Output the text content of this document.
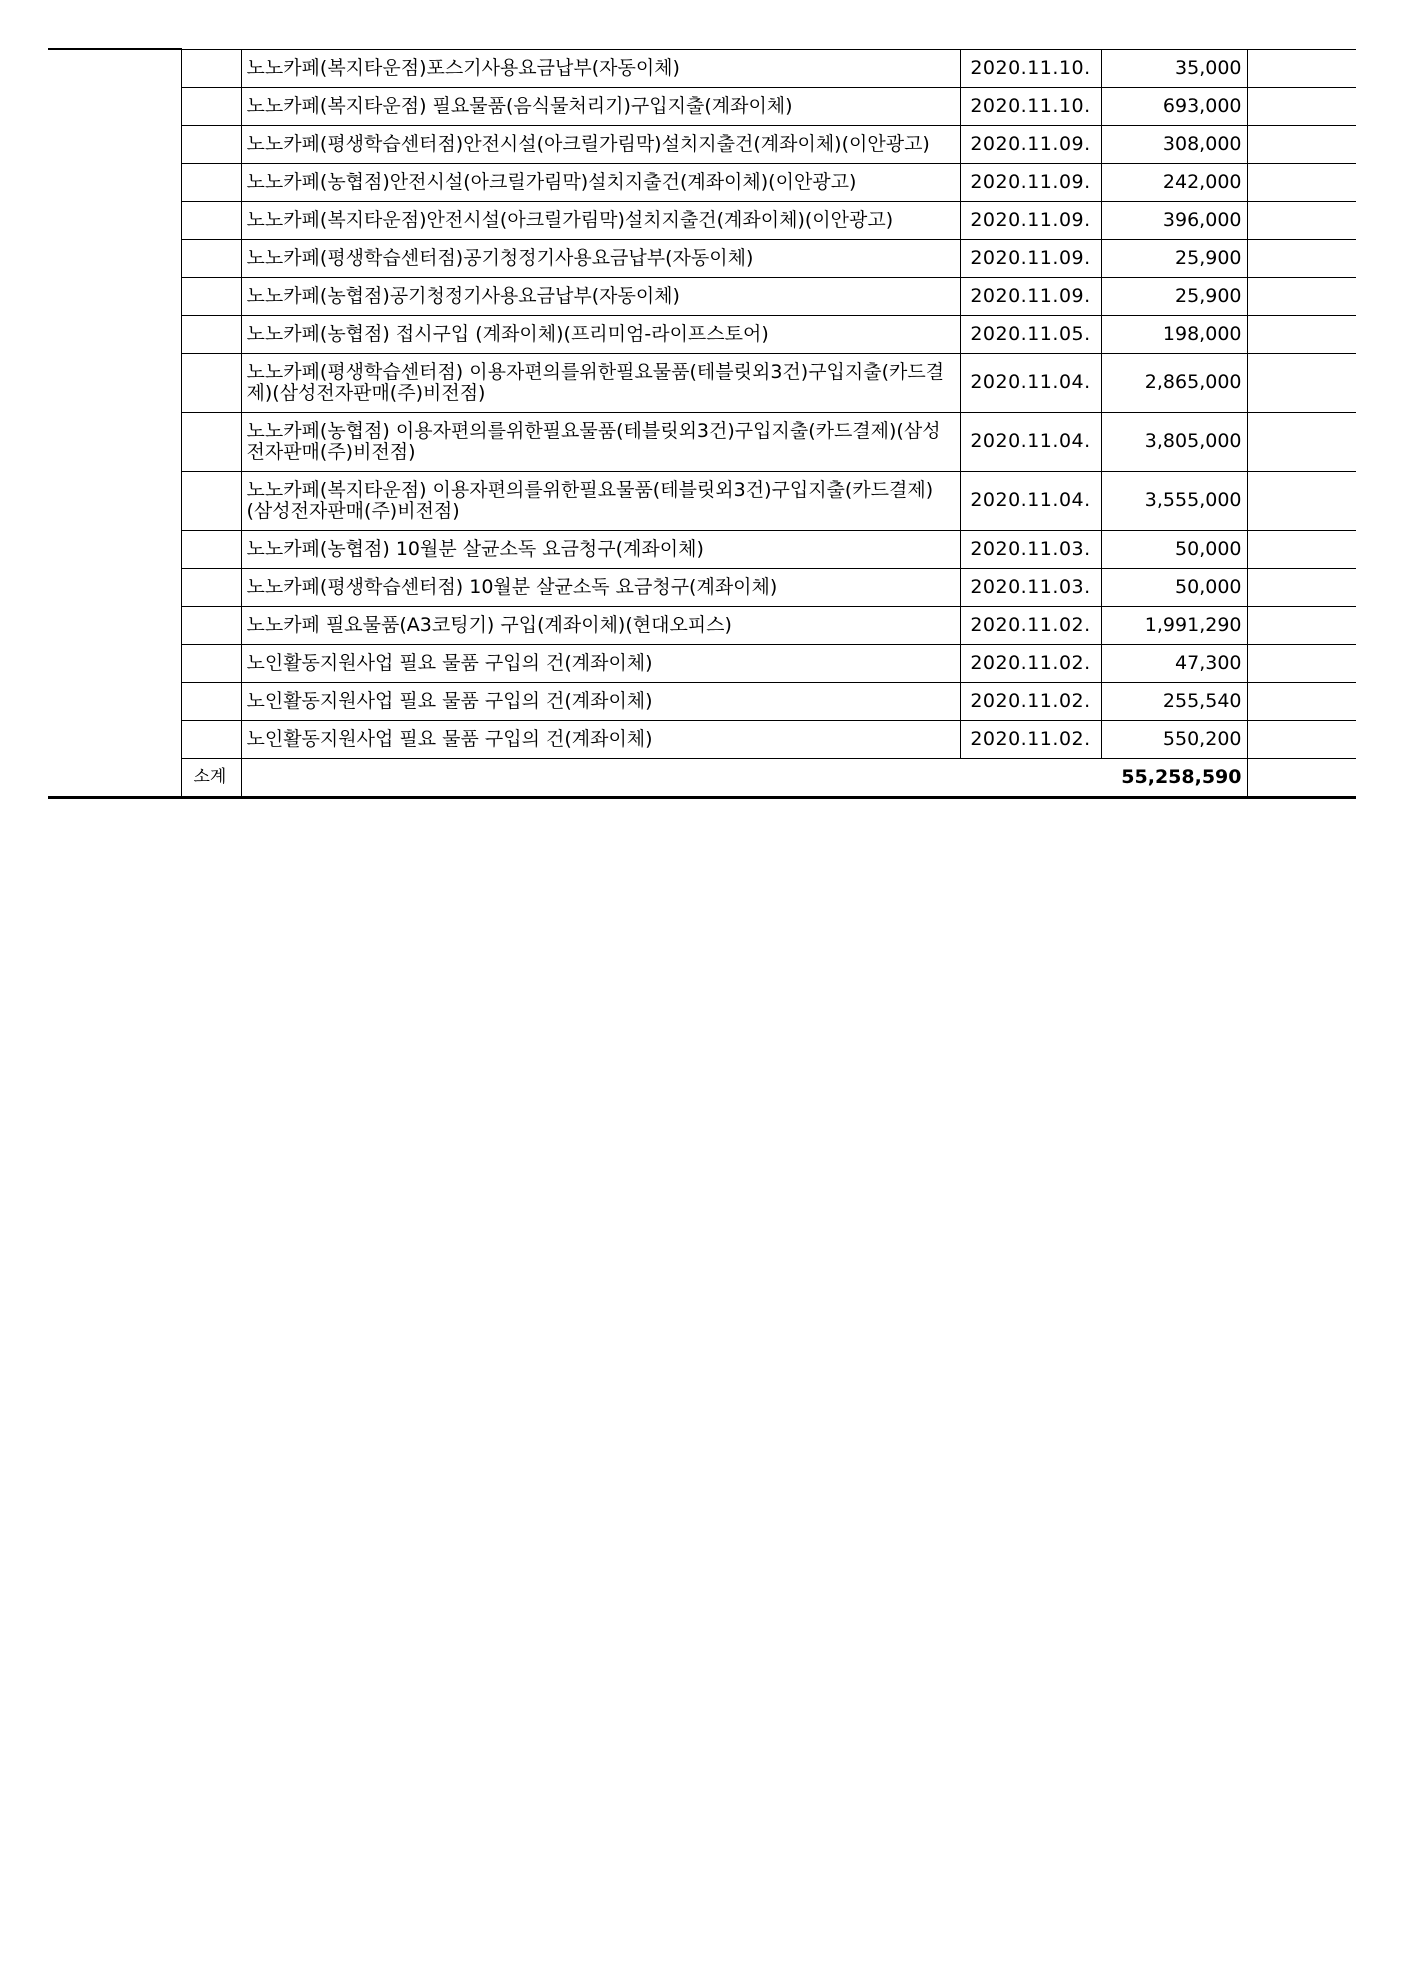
		노노카페(복지타운점)포스기사용요금납부(자동이체)	2020.11.10.	35,000	
		노노카페(복지타운점) 필요물품(음식물처리기)구입지출(계좌이체)	2020.11.10.	693,000	
		노노카페(평생학습센터점)안전시설(아크릴가림막)설치지출건(계좌이체)(이안광고)	2020.11.09.	308,000	
		노노카페(농협점)안전시설(아크릴가림막)설치지출건(계좌이체)(이안광고)	2020.11.09.	242,000	
		노노카페(복지타운점)안전시설(아크릴가림막)설치지출건(계좌이체)(이안광고)	2020.11.09.	396,000	
		노노카페(평생학습센터점)공기청정기사용요금납부(자동이체)	2020.11.09.	25,900	
		노노카페(농협점)공기청정기사용요금납부(자동이체)	2020.11.09.	25,900	
		노노카페(농협점) 접시구입 (계좌이체)(프리미엄-라이프스토어)	2020.11.05.	198,000	
		노노카페(평생학습센터점) 이용자편의를위한필요물품(테블릿외3건)구입지출(카드결제)(삼성전자판매(주)비전점)	2020.11.04.	2,865,000	
		노노카페(농협점) 이용자편의를위한필요물품(테블릿외3건)구입지출(카드결제)(삼성전자판매(주)비전점)	2020.11.04.	3,805,000	
		노노카페(복지타운점) 이용자편의를위한필요물품(테블릿외3건)구입지출(카드결제)(삼성전자판매(주)비전점)	2020.11.04.	3,555,000	
		노노카페(농협점) 10월분 살균소독 요금청구(계좌이체)	2020.11.03.	50,000	
		노노카페(평생학습센터점) 10월분 살균소독 요금청구(계좌이체)	2020.11.03.	50,000	
		노노카페 필요물품(A3코팅기) 구입(계좌이체)(현대오피스)	2020.11.02.	1,991,290	
		노인활동지원사업 필요 물품 구입의 건(계좌이체)	2020.11.02.	47,300	
		노인활동지원사업 필요 물품 구입의 건(계좌이체)	2020.11.02.	255,540	
		노인활동지원사업 필요 물품 구입의 건(계좌이체)	2020.11.02.	550,200	
	소계	55,258,590			
